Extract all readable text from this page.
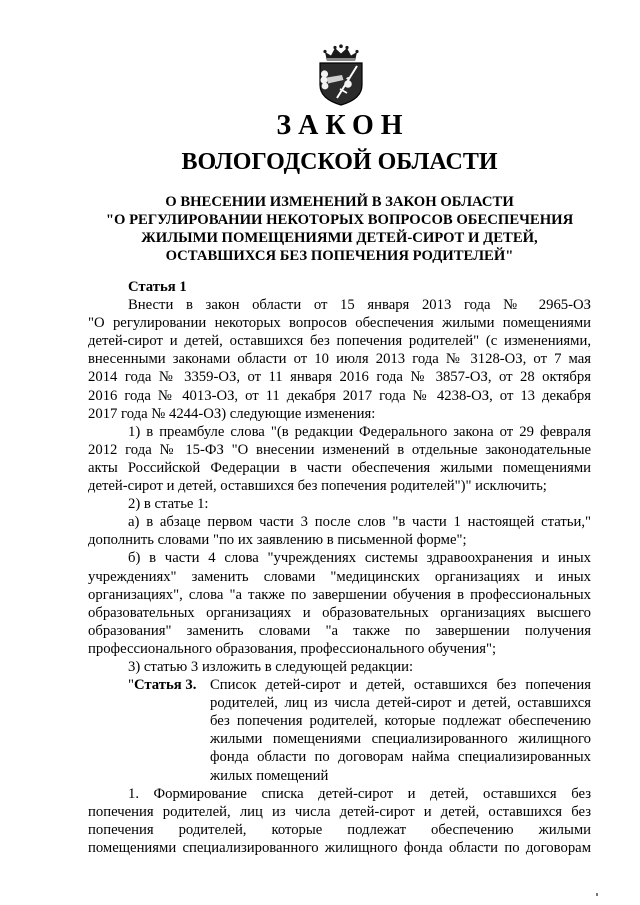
ЗАКОН
ВОЛОГОДСКОЙ ОБЛАСТИ
О ВНЕСЕНИИ ИЗМЕНЕНИЙ В ЗАКОН ОБЛАСТИ
"О РЕГУЛИРОВАНИИ НЕКОТОРЫХ ВОПРОСОВ ОБЕСПЕЧЕНИЯ
ЖИЛЫМИ ПОМЕЩЕНИЯМИ ДЕТЕЙ-СИРОТ И ДЕТЕЙ,
ОСТАВШИХСЯ БЕЗ ПОПЕЧЕНИЯ РОДИТЕЛЕЙ"
Статья 1
Внести в закон области от 15 января 2013 года № 2965-ОЗ
"О регулировании некоторых вопросов обеспечения жилыми помещениями
детей-сирот и детей, оставшихся без попечения родителей" (с изменениями,
внесенными законами области от 10 июля 2013 года № 3128-ОЗ, от 7 мая
2014 года № 3359-ОЗ, от 11 января 2016 года № 3857-ОЗ, от 28 октября
2016 года № 4013-ОЗ, от 11 декабря 2017 года № 4238-ОЗ, от 13 декабря
2017 года № 4244-ОЗ) следующие изменения:
1) в преамбуле слова "(в редакции Федерального закона от 29 февраля
2012 года № 15-ФЗ "О внесении изменений в отдельные законодательные
акты Российской Федерации в части обеспечения жилыми помещениями
детей-сирот и детей, оставшихся без попечения родителей")" исключить;
2) в статье 1:
а) в абзаце первом части 3 после слов "в части 1 настоящей статьи,"
дополнить словами "по их заявлению в письменной форме";
б) в части 4 слова "учреждениях системы здравоохранения и иных
учреждениях" заменить словами "медицинских организациях и иных
организациях", слова "а также по завершении обучения в профессиональных
образовательных организациях и образовательных организациях высшего
образования" заменить словами "а также по завершении получения
профессионального образования, профессионального обучения";
3) статью 3 изложить в следующей редакции:
"Статья 3. Список детей-сирот и детей, оставшихся без попечения
родителей, лиц из числа детей-сирот и детей, оставшихся
без попечения родителей, которые подлежат обеспечению
жилыми помещениями специализированного жилищного
фонда области по договорам найма специализированных
жилых помещений
1. Формирование списка детей-сирот и детей, оставшихся без
попечения родителей, лиц из числа детей-сирот и детей, оставшихся без
попечения родителей, которые подлежат обеспечению жилыми
помещениями специализированного жилищного фонда области по договорам
